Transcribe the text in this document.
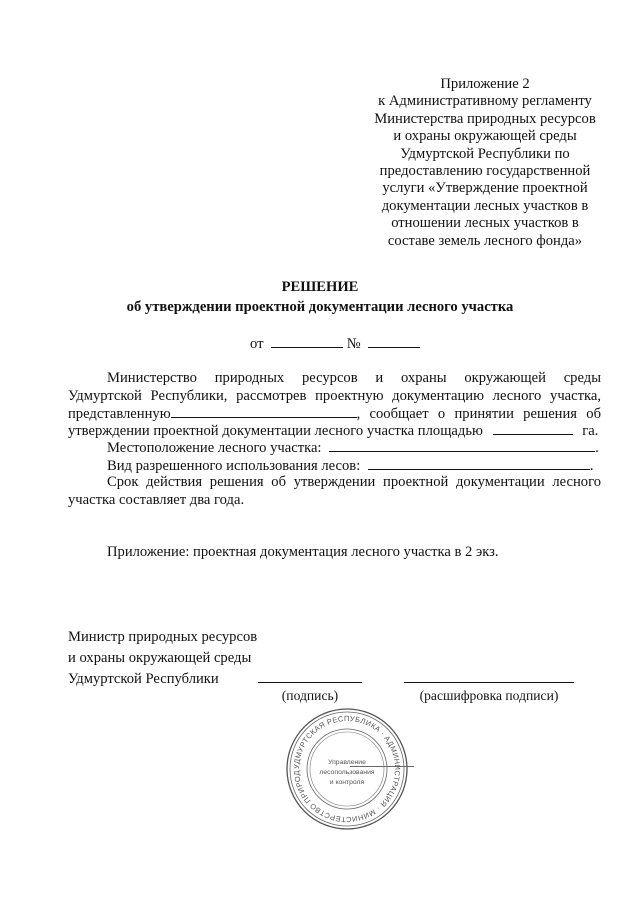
Приложение 2
к Административному регламенту
Министерства природных ресурсов
и охраны окружающей среды
Удмуртской Республики по
предоставлению государственной
услуги «Утверждение проектной
документации лесных участков в
отношении лесных участков в
составе земель лесного фонда»
РЕШЕНИЕ
об утверждении проектной документации лесного участка
от	№
Министерство природных ресурсов и охраны окружающей среды
Удмуртской Республики, рассмотрев проектную документацию лесного участка,
представленную	, сообщает о принятии решения об
утверждении проектной документации лесного участка площадью	га.
Местоположение лесного участка:	.
Вид разрешенного использования лесов:	.
Срок действия решения об утверждении проектной документации лесного
участка составляет два года.
Приложение: проектная документация лесного участка в 2 экз.
Министр природных ресурсов
и охраны окружающей среды
Удмуртской Республики
(подпись)	(расшифровка подписи)
УДМУРТСКАЯ РЕСПУБЛИКА · АДМИНИСТРАЦИЯ · МИНИСТЕРСТВО ПРИРОД
Управление
лесопользования
и контроля
